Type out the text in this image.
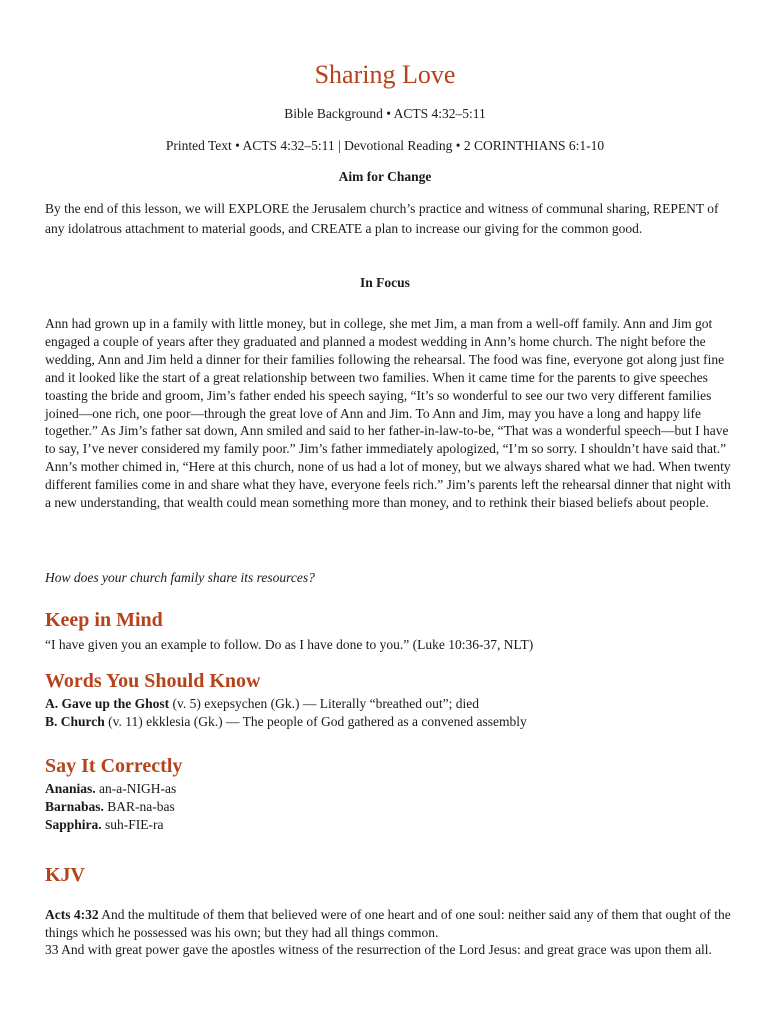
Sharing Love

Bible Background • ACTS 4:32–5:11

Printed Text • ACTS 4:32–5:11 | Devotional Reading • 2 CORINTHIANS 6:1-10

Aim for Change

By the end of this lesson, we will EXPLORE the Jerusalem church’s practice and witness of communal sharing, REPENT of any idolatrous attachment to material goods, and CREATE a plan to increase our giving for the common good.

In Focus

Ann had grown up in a family with little money, but in college, she met Jim, a man from a well-off family. Ann and Jim got engaged a couple of years after they graduated and planned a modest wedding in Ann’s home church. The night before the wedding, Ann and Jim held a dinner for their families following the rehearsal. The food was fine, everyone got along just fine and it looked like the start of a great relationship between two families. When it came time for the parents to give speeches toasting the bride and groom, Jim’s father ended his speech saying, “It’s so wonderful to see our two very different families joined—one rich, one poor—through the great love of Ann and Jim. To Ann and Jim, may you have a long and happy life together.” As Jim’s father sat down, Ann smiled and said to her father-in-law-to-be, “That was a wonderful speech—but I have to say, I’ve never considered my family poor.” Jim’s father immediately apologized, “I’m so sorry. I shouldn’t have said that.” Ann’s mother chimed in, “Here at this church, none of us had a lot of money, but we always shared what we had. When twenty different families come in and share what they have, everyone feels rich.” Jim’s parents left the rehearsal dinner that night with a new understanding, that wealth could mean something more than money, and to rethink their biased beliefs about people.

How does your church family share its resources?

Keep in Mind

“I have given you an example to follow. Do as I have done to you.” (Luke 10:36-37, NLT)

Words You Should Know

A. Gave up the Ghost (v. 5) exepsychen (Gk.) — Literally “breathed out”; died

B. Church (v. 11) ekklesia (Gk.) — The people of God gathered as a convened assembly

Say It Correctly

Ananias. an-a-NIGH-as

Barnabas. BAR-na-bas

Sapphira. suh-FIE-ra

KJV

Acts 4:32 And the multitude of them that believed were of one heart and of one soul: neither said any of them that ought of the things which he possessed was his own; but they had all things common.
33 And with great power gave the apostles witness of the resurrection of the Lord Jesus: and great grace was upon them all.
